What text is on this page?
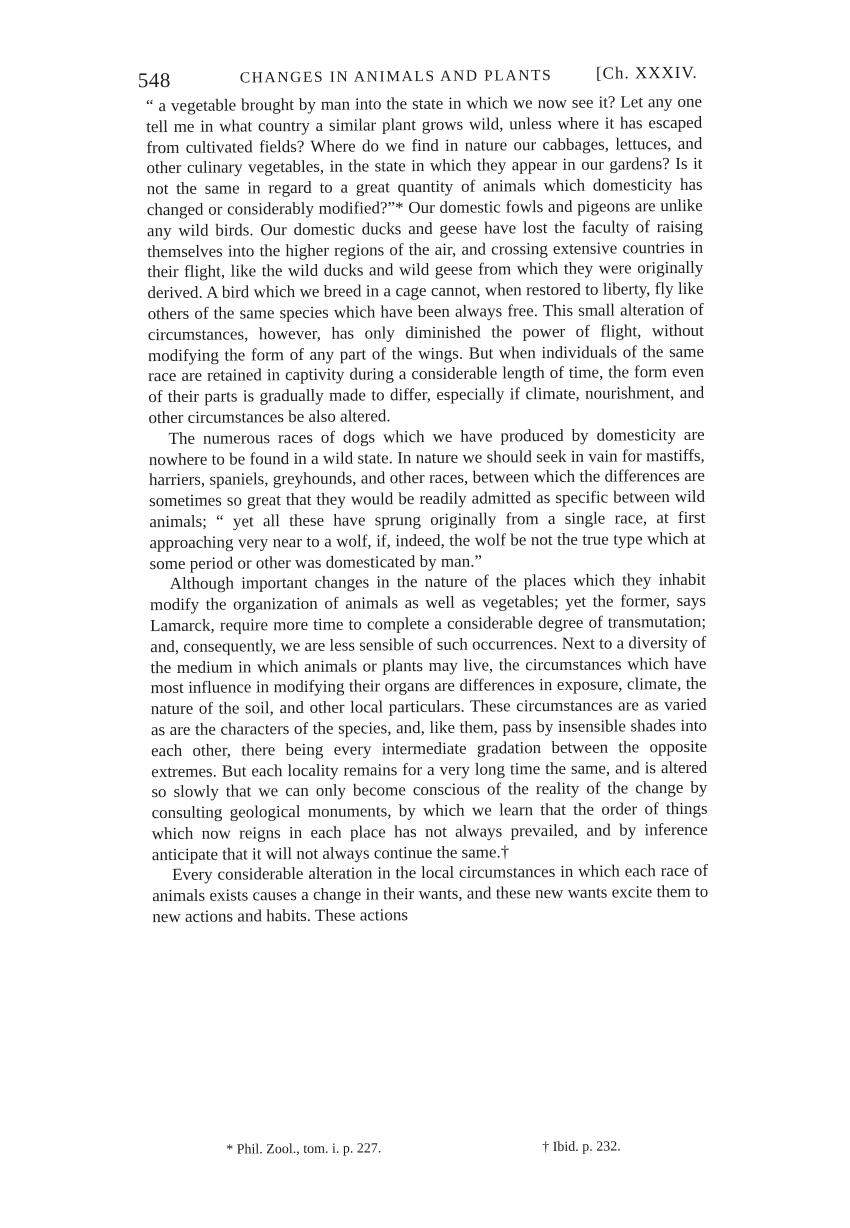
548	CHANGES IN ANIMALS AND PLANTS	[Ch. XXXIV.

“ a vegetable brought by man into the state in which we now see it? Let any one tell me in what country a similar plant grows wild, unless where it has escaped from cultivated fields? Where do we find in nature our cabbages, lettuces, and other culinary vegetables, in the state in which they appear in our gardens? Is it not the same in regard to a great quantity of animals which domesticity has changed or considerably modified?”* Our domestic fowls and pigeons are unlike any wild birds. Our domestic ducks and geese have lost the faculty of raising themselves into the higher regions of the air, and crossing extensive countries in their flight, like the wild ducks and wild geese from which they were originally derived. A bird which we breed in a cage cannot, when restored to liberty, fly like others of the same species which have been always free. This small alteration of circumstances, however, has only diminished the power of flight, without modifying the form of any part of the wings. But when individuals of the same race are retained in captivity during a considerable length of time, the form even of their parts is gradually made to differ, especially if climate, nourishment, and other circumstances be also altered.

The numerous races of dogs which we have produced by domesticity are nowhere to be found in a wild state. In nature we should seek in vain for mastiffs, harriers, spaniels, greyhounds, and other races, between which the differences are sometimes so great that they would be readily admitted as specific between wild animals; “ yet all these have sprung originally from a single race, at first approaching very near to a wolf, if, indeed, the wolf be not the true type which at some period or other was domesticated by man.”

Although important changes in the nature of the places which they inhabit modify the organization of animals as well as vegetables; yet the former, says Lamarck, require more time to complete a considerable degree of transmutation; and, consequently, we are less sensible of such occurrences. Next to a diversity of the medium in which animals or plants may live, the circumstances which have most influence in modifying their organs are differences in exposure, climate, the nature of the soil, and other local particulars. These circumstances are as varied as are the characters of the species, and, like them, pass by insensible shades into each other, there being every intermediate gradation between the opposite extremes. But each locality remains for a very long time the same, and is altered so slowly that we can only become conscious of the reality of the change by consulting geological monuments, by which we learn that the order of things which now reigns in each place has not always prevailed, and by inference anticipate that it will not always continue the same.†

Every considerable alteration in the local circumstances in which each race of animals exists causes a change in their wants, and these new wants excite them to new actions and habits. These actions

* Phil. Zool., tom. i. p. 227.	† Ibid. p. 232.
